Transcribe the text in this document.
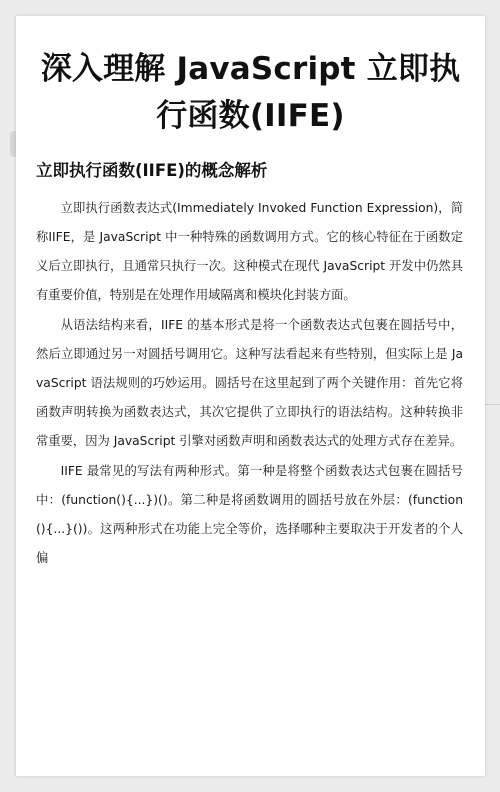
深入理解 JavaScript 立即执行函数(IIFE)
立即执行函数(IIFE)的概念解析

立即执行函数表达式(Immediately Invoked Function Expression)，简称IIFE，是 JavaScript 中一种特殊的函数调用方式。它的核心特征在于函数定义后立即执行，且通常只执行一次。这种模式在现代 JavaScript 开发中仍然具有重要价值，特别是在处理作用域隔离和模块化封装方面。

从语法结构来看，IIFE 的基本形式是将一个函数表达式包裹在圆括号中，然后立即通过另一对圆括号调用它。这种写法看起来有些特别，但实际上是 JavaScript 语法规则的巧妙运用。圆括号在这里起到了两个关键作用：首先它将函数声明转换为函数表达式，其次它提供了立即执行的语法结构。这种转换非常重要，因为 JavaScript 引擎对函数声明和函数表达式的处理方式存在差异。

IIFE 最常见的写法有两种形式。第一种是将整个函数表达式包裹在圆括号中：(function(){...})()。第二种是将函数调用的圆括号放在外层：(function(){...}())。这两种形式在功能上完全等价，选择哪种主要取决于开发者的个人偏
